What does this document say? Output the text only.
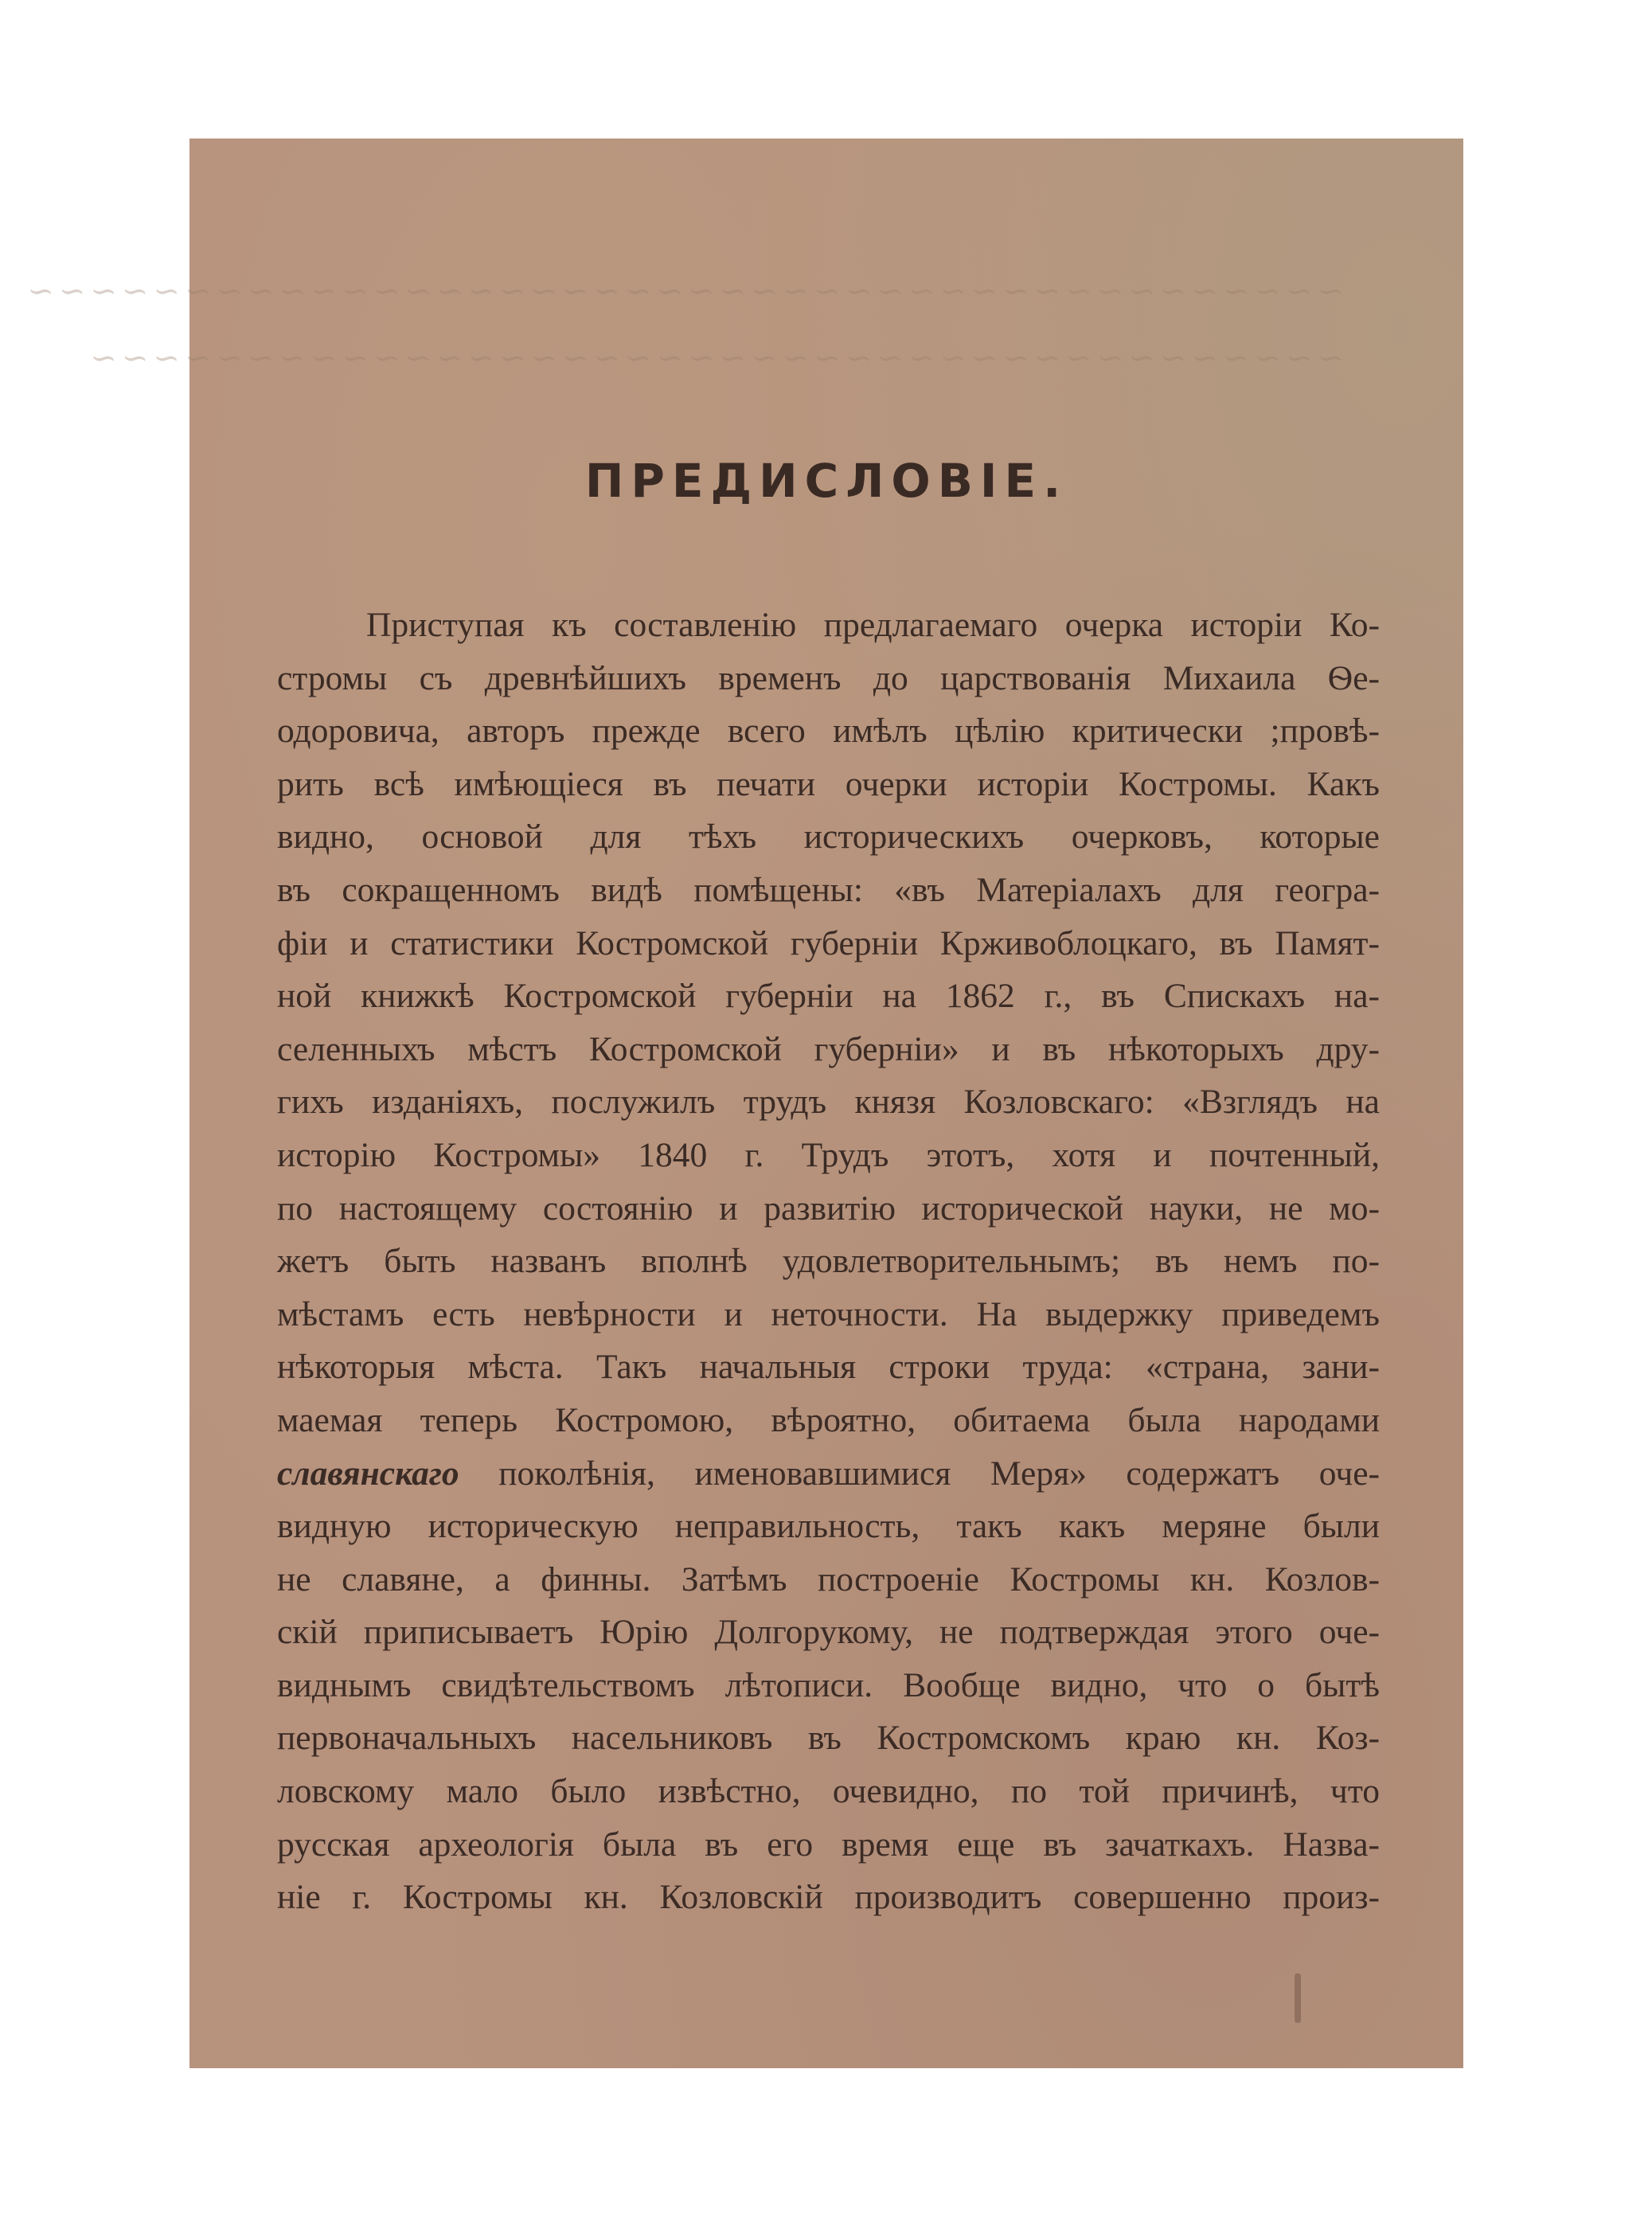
~~~~~~~~~~~~~~~~~~~~~~~~~~~~~~~~~~~~~~~~~~
~~~~~~~~~~~~~~~~~~~~~~~~~~~~~~~~~~~~~~~~
ПРЕДИСЛОВІЕ.
Приступая къ составленію предлагаемаго очерка исторіи Ко-
стромы съ древнѣйшихъ временъ до царствованія Михаила Ѳе-
одоровича, авторъ прежде всего имѣлъ цѣлію критически ;провѣ-
рить всѣ имѣющіеся въ печати очерки исторіи Костромы. Какъ
видно, основой для тѣхъ историческихъ очерковъ, которые
въ сокращенномъ видѣ помѣщены: «въ Матеріалахъ для геогра-
фіи и статистики Костромской губерніи Крживоблоцкаго, въ Памят-
ной книжкѣ Костромской губерніи на 1862 г., въ Спискахъ на-
селенныхъ мѣстъ Костромской губерніи» и въ нѣкоторыхъ дру-
гихъ изданіяхъ, послужилъ трудъ князя Козловскаго: «Взглядъ на
исторію Костромы» 1840 г. Трудъ этотъ, хотя и почтенный,
по настоящему состоянію и развитію исторической науки, не мо-
жетъ быть названъ вполнѣ удовлетворительнымъ; въ немъ по-
мѣстамъ есть невѣрности и неточности. На выдержку приведемъ
нѣкоторыя мѣста. Такъ начальныя строки труда: «страна, зани-
маемая теперь Костромою, вѣроятно, обитаема была народами
славянскаго поколѣнія, именовавшимися Меря» содержатъ оче-
видную историческую неправильность, такъ какъ меряне были
не славяне, а финны. Затѣмъ построеніе Костромы кн. Козлов-
скій приписываетъ Юрію Долгорукому, не подтверждая этого оче-
виднымъ свидѣтельствомъ лѣтописи. Вообще видно, что о бытѣ
первоначальныхъ насельниковъ въ Костромскомъ краю кн. Коз-
ловскому мало было извѣстно, очевидно, по той причинѣ, что
русская археологія была въ его время еще въ зачаткахъ. Назва-
ніе г. Костромы кн. Козловскій производитъ совершенно произ-
